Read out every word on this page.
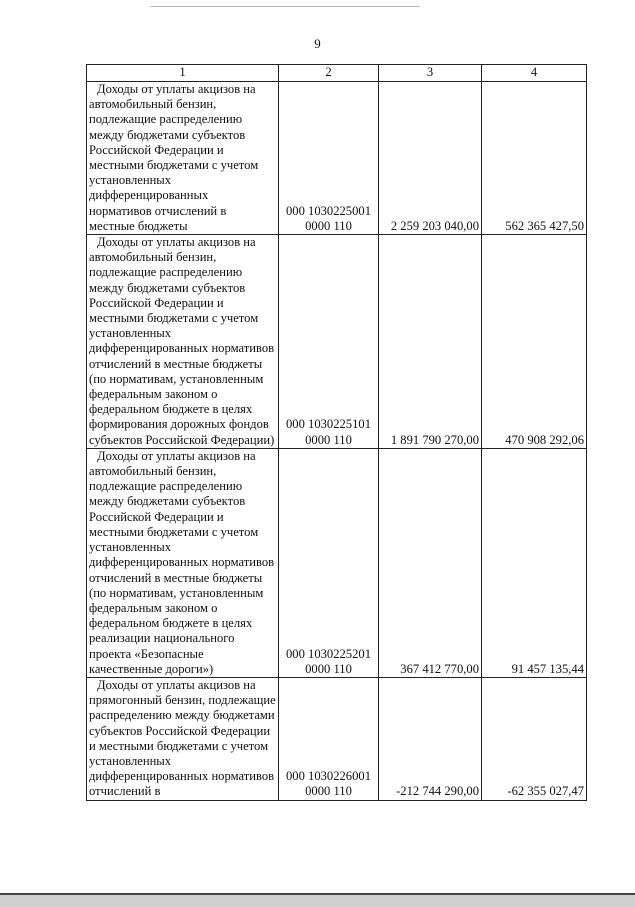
9
1	2	3	4

Доходы от уплаты акцизов на автомобильный бензин, подлежащие распределению между бюджетами субъектов Российской Федерации и местными бюджетами с учетом установленных дифференцированных нормативов отчислений в местные бюджеты	000 1030225001
0000 110	2 259 203 040,00	562 365 427,50

Доходы от уплаты акцизов на автомобильный бензин, подлежащие распределению между бюджетами субъектов Российской Федерации и местными бюджетами с учетом установленных дифференцированных нормативов отчислений в местные бюджеты (по нормативам, установленным федеральным законом о федеральном бюджете в целях формирования дорожных фондов субъектов Российской Федерации)	000 1030225101
0000 110	1 891 790 270,00	470 908 292,06

Доходы от уплаты акцизов на автомобильный бензин, подлежащие распределению между бюджетами субъектов Российской Федерации и местными бюджетами с учетом установленных дифференцированных нормативов отчислений в местные бюджеты (по нормативам, установленным федеральным законом о федеральном бюджете в целях реализации национального проекта «Безопасные качественные дороги»)	000 1030225201
0000 110	367 412 770,00	91 457 135,44

Доходы от уплаты акцизов на прямогонный бензин, подлежащие распределению между бюджетами субъектов Российской Федерации и местными бюджетами с учетом установленных дифференцированных нормативов отчислений в	000 1030226001
0000 110	-212 744 290,00	-62 355 027,47
